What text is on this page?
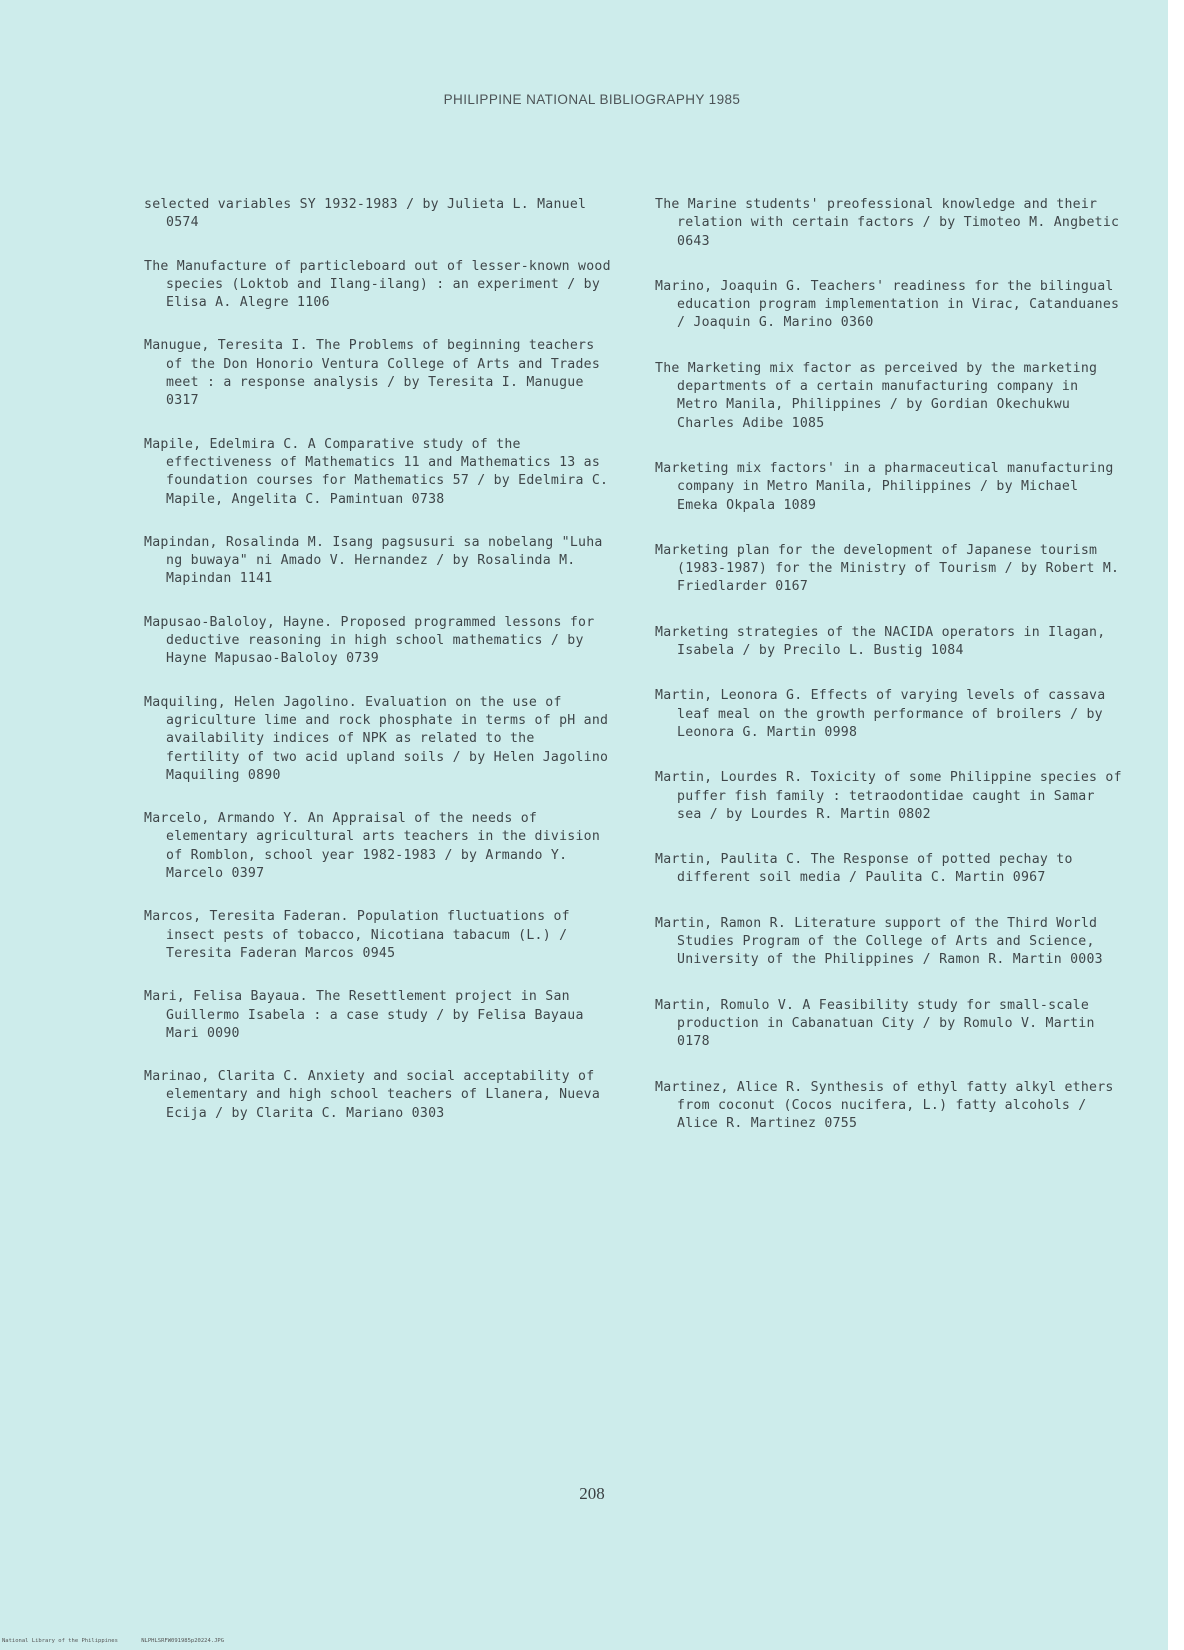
PHILIPPINE NATIONAL BIBLIOGRAPHY 1985
selected variables SY 1932-1983 / by Julieta L. Manuel 0574
The Manufacture of particleboard out of lesser-known wood species (Loktob and Ilang-ilang) : an experiment / by Elisa A. Alegre 1106
Manugue, Teresita I. The Problems of beginning teachers of the Don Honorio Ventura College of Arts and Trades meet : a response analysis / by Teresita I. Manugue 0317
Mapile, Edelmira C. A Comparative study of the effectiveness of Mathematics 11 and Mathematics 13 as foundation courses for Mathematics 57 / by Edelmira C. Mapile, Angelita C. Pamintuan 0738
Mapindan, Rosalinda M. Isang pagsusuri sa nobelang "Luha ng buwaya" ni Amado V. Hernandez / by Rosalinda M. Mapindan 1141
Mapusao-Baloloy, Hayne. Proposed programmed lessons for deductive reasoning in high school mathematics / by Hayne Mapusao-Baloloy 0739
Maquiling, Helen Jagolino. Evaluation on the use of agriculture lime and rock phosphate in terms of pH and availability indices of NPK as related to the fertility of two acid upland soils / by Helen Jagolino Maquiling 0890
Marcelo, Armando Y. An Appraisal of the needs of elementary agricultural arts teachers in the division of Romblon, school year 1982-1983 / by Armando Y. Marcelo 0397
Marcos, Teresita Faderan. Population fluctuations of insect pests of tobacco, Nicotiana tabacum (L.) / Teresita Faderan Marcos 0945
Mari, Felisa Bayaua. The Resettlement project in San Guillermo Isabela : a case study / by Felisa Bayaua Mari 0090
Marinao, Clarita C. Anxiety and social acceptability of elementary and high school teachers of Llanera, Nueva Ecija / by Clarita C. Mariano 0303
The Marine students' preofessional knowledge and their relation with certain factors / by Timoteo M. Angbetic 0643
Marino, Joaquin G. Teachers' readiness for the bilingual education program implementation in Virac, Catanduanes / Joaquin G. Marino 0360
The Marketing mix factor as perceived by the marketing departments of a certain manufacturing company in Metro Manila, Philippines / by Gordian Okechukwu Charles Adibe 1085
Marketing mix factors' in a pharmaceutical manufacturing company in Metro Manila, Philippines / by Michael Emeka Okpala 1089
Marketing plan for the development of Japanese tourism (1983-1987) for the Ministry of Tourism / by Robert M. Friedlarder 0167
Marketing strategies of the NACIDA operators in Ilagan, Isabela / by Precilo L. Bustig 1084
Martin, Leonora G. Effects of varying levels of cassava leaf meal on the growth performance of broilers / by Leonora G. Martin 0998
Martin, Lourdes R. Toxicity of some Philippine species of puffer fish family : tetraodontidae caught in Samar sea / by Lourdes R. Martin 0802
Martin, Paulita C. The Response of potted pechay to different soil media / Paulita C. Martin 0967
Martin, Ramon R. Literature support of the Third World Studies Program of the College of Arts and Science, University of the Philippines / Ramon R. Martin 0003
Martin, Romulo V. A Feasibility study for small-scale production in Cabanatuan City / by Romulo V. Martin 0178
Martinez, Alice R. Synthesis of ethyl fatty alkyl ethers from coconut (Cocos nucifera, L.) fatty alcohols / Alice R. Martinez 0755
208
National Library of the Philippines	NLPHLSRFW091985p20224.JPG
